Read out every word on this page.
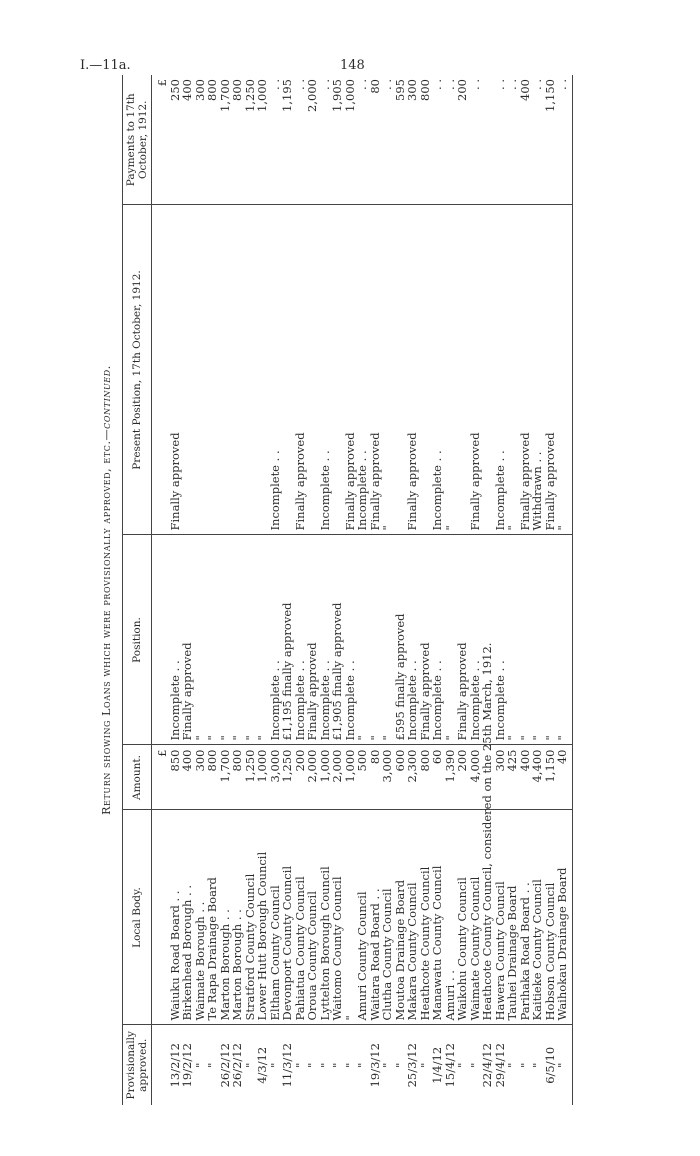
I.—11a.	148
Return showing Loans which were provisionally approved, etc.—continued.
Provisionally approved.	Local Body.	Amount.	Position.	Present Position, 17th October, 1912.	Payments to 17th October, 1912.
		£			£
13/2/12	Waiuku Road Board . .	850	Incomplete . .	Finally approved	250
19/2/12	Birkenhead Borough . .	400	Finally approved		400
"	Waimate Borough . .	300	"		300
"	Te Rapa Drainage Board	800	"		800
26/2/12	Marton Borough . .	1,700	"		1,700
26/2/12	Marton Borough . .	800	"		800
"	Stratford County Council	1,250	"		1,250
4/3/12	Lower Hutt Borough Council	1,000	"		1,000
"	Eltham County Council	3,000	Incomplete . .	Incomplete . .	. .
11/3/12	Devonport County Council	1,250	£1,195 finally approved		1,195
"	Pahiatua County Council	200	Incomplete . .	Finally approved	. .
"	Oroua County Council	2,000	Finally approved		2,000
"	Lyttelton Borough Council	1,000	Incomplete . .	Incomplete . .	. .
"	Waitomo County Council	2,000	£1,905 finally approved		1,905
"	"	1,000	Incomplete . .	Finally approved	1,000
"	Amuri County Council	500	"	Incomplete . .	. .
19/3/12	Waitara Road Board . .	80	"	Finally approved	80
"	Clutha County Council	3,000	"	"	. .
"	Moutoa Drainage Board	600	£595 finally approved		595
25/3/12	Makara County Council	2,300	Incomplete . .	Finally approved	300
"	Heathcote County Council	800	Finally approved		800
1/4/12	Manawatu County Council	60	Incomplete . .	Incomplete . .	. .
15/4/12	Amuri . .	1,390	"	"	. .
"	Waikohu County Council	200	Finally approved		200
"	Waimate County Council	4,000	Incomplete . .	Finally approved	. .
22/4/12	Heathcote County Council, considered on the 25th March, 1912.				
29/4/12	Hawera County Council	300	Incomplete . .	Incomplete . .	. .
"	Tauhei Drainage Board	425	"	"	. .
"	Parihaka Road Board . .	400	"	Finally approved	400
"	Kaitieke County Council	4,400	"	Withdrawn . .	. .
6/5/10	Hobson County Council	1,150	"	Finally approved	1,150
"	Waihokau Drainage Board	40	"	"	. .
